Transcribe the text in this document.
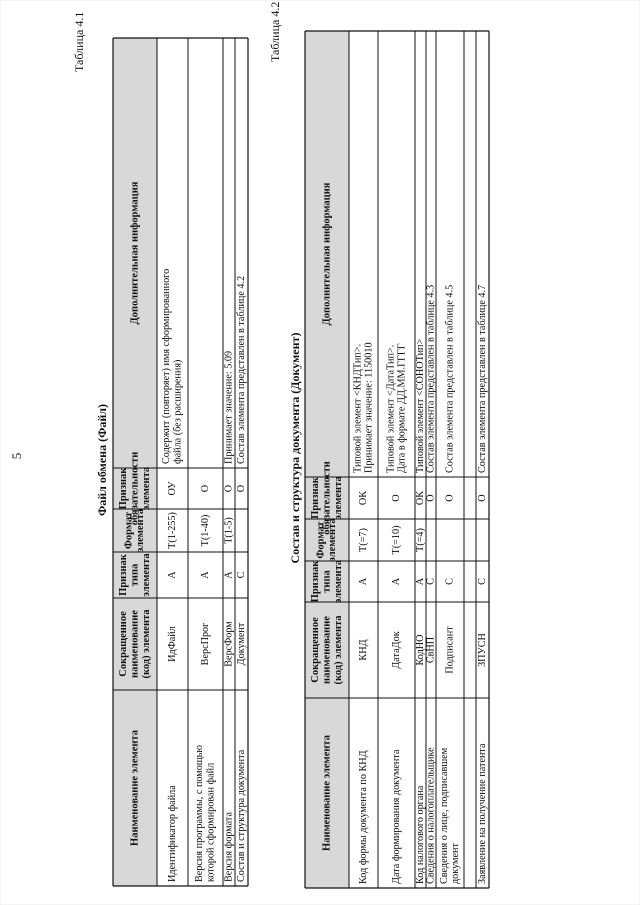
5
Таблица 4.1
Файл обмена (Файл)
Таблица 4.2
Состав и структура документа (Документ)
Наименование элемента
Сокращенное наименование (код) элемента
Признак типа элемента
Формат элемента
Признак обязательности элемента
Дополнительная информация
Идентификатор файла
ИдФайл
А
T(1-255)
ОУ
Содержит (повторяет) имя сформированного файла (без расширения)
Версия программы, с помощью которой сформирован файл
ВерсПрог
А
T(1-40)
О
Версия формата
ВерсФорм
А
T(1-5)
О
Принимает значение: 5.09
Состав и структура документа
Документ
С
О
Состав элемента представлен в таблице 4.2
Наименование элемента
Сокращенное наименование (код) элемента
Признак типа элемента
Формат элемента
Признак обязательности элемента
Дополнительная информация
Код формы документа по КНД
КНД
А
T(=7)
ОК
Типовой элемент <КНДТип>. Принимает значение: 1150010
Дата формирования документа
ДатаДок
А
T(=10)
О
Типовой элемент <ДатаТип>. Дата в формате ДД.ММ.ГГГГ
Код налогового органа
КодНО
А
T(=4)
ОК
Типовой элемент <СОНОТип>
Сведения о налогоплательщике
СвНП
С
О
Состав элемента представлен в таблице 4.3
Сведения о лице, подписавшем документ
Подписант
С
О
Состав элемента представлен в таблице 4.5
Заявление на получение патента
ЗПУСН
С
О
Состав элемента представлен в таблице 4.7
